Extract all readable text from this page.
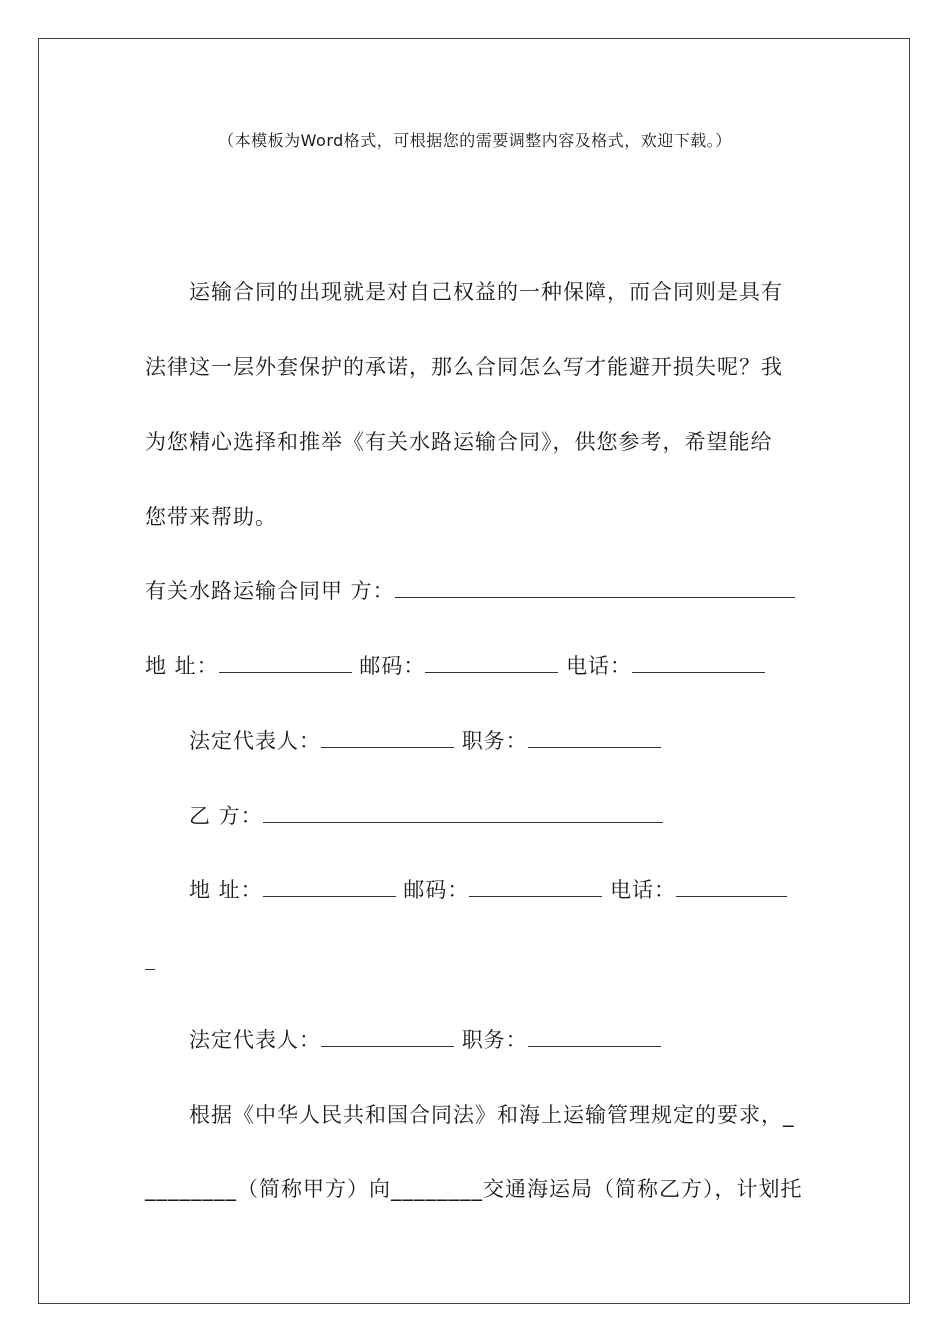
（本模板为Word格式，可根据您的需要调整内容及格式，欢迎下载。）
运输合同的出现就是对自己权益的一种保障，而合同则是具有
法律这一层外套保护的承诺，那么合同怎么写才能避开损失呢？我
为您精心选择和推举《有关水路运输合同》，供您参考，希望能给
您带来帮助。
有关水路运输合同甲 方：
地 址：	邮码：	电话：
法定代表人：	职务：
乙 方：
地 址：	邮码：	电话：
法定代表人：	职务：
根据《中华人民共和国合同法》和海上运输管理规定的要求，_
________（简称甲方）向________交通海运局（简称乙方），计划托
